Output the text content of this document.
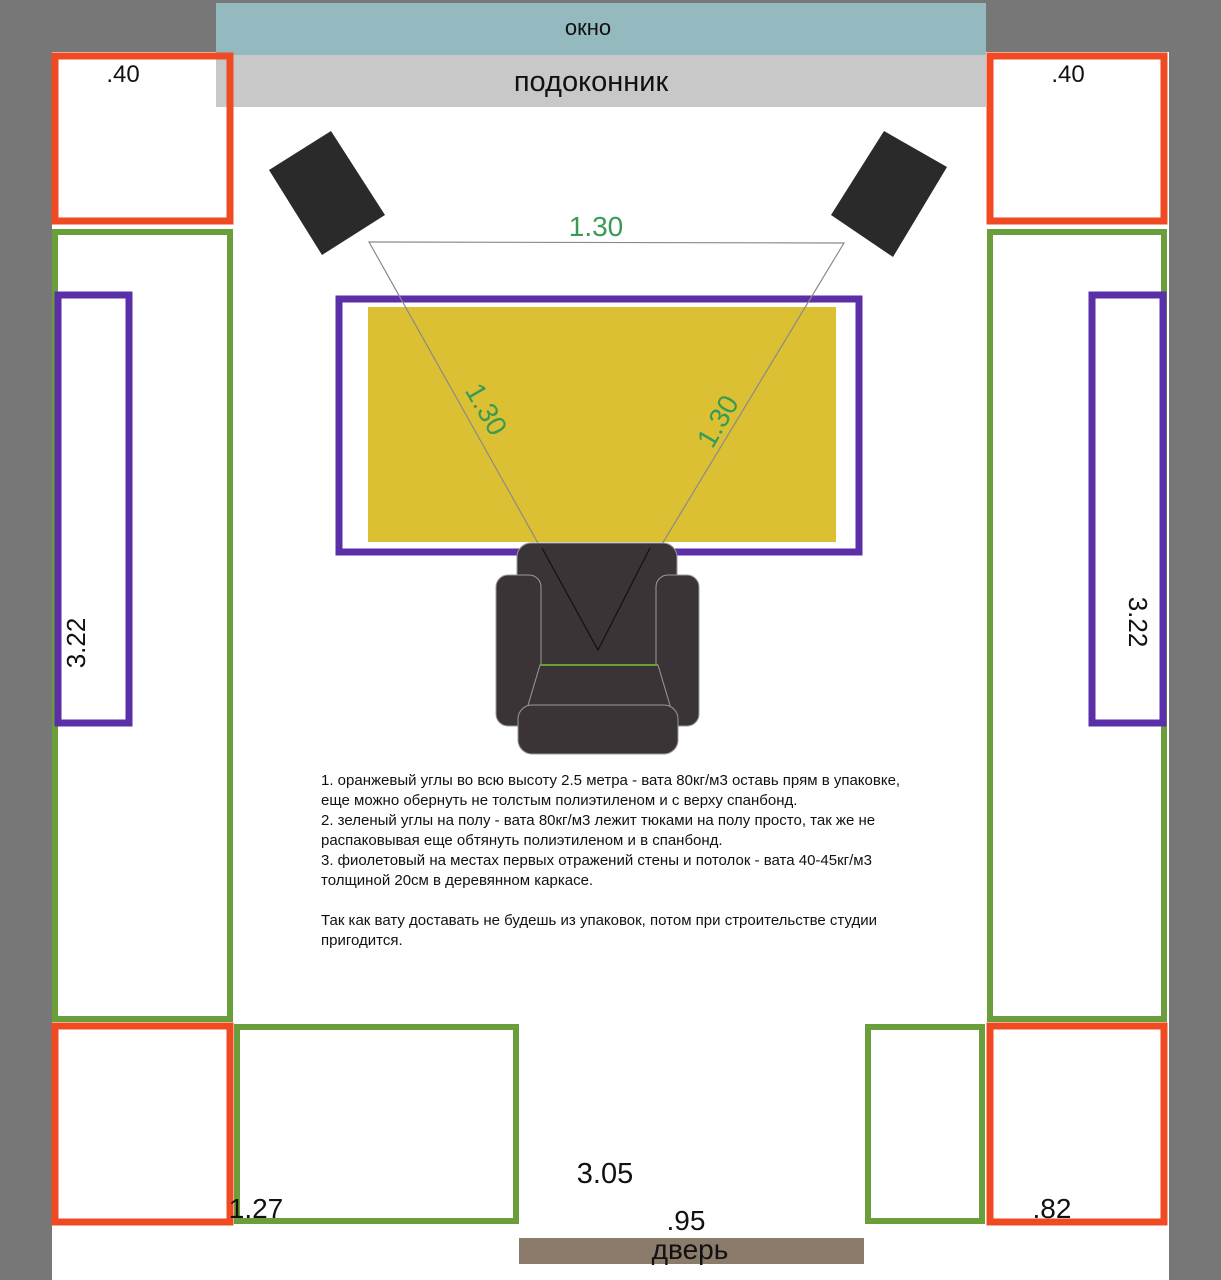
окно
подоконник
дверь
.40	.40
3.22	3.22
1.27	.82
3.05
.95
1.30
1.30	1.30

1. оранжевый углы во всю высоту 2.5 метра - вата 80кг/м3 оставь прям в упаковке, еще можно обернуть не толстым полиэтиленом и с верху спанбонд.

2. зеленый углы на полу - вата 80кг/м3 лежит тюками на полу просто, так же не распаковывая еще обтянуть полиэтиленом и в спанбонд.

3. фиолетовый на местах первых отражений стены и потолок - вата 40-45кг/м3 толщиной 20см в деревянном каркасе.

Так как вату доставать не будешь из упаковок, потом при строительстве студии пригодится.
